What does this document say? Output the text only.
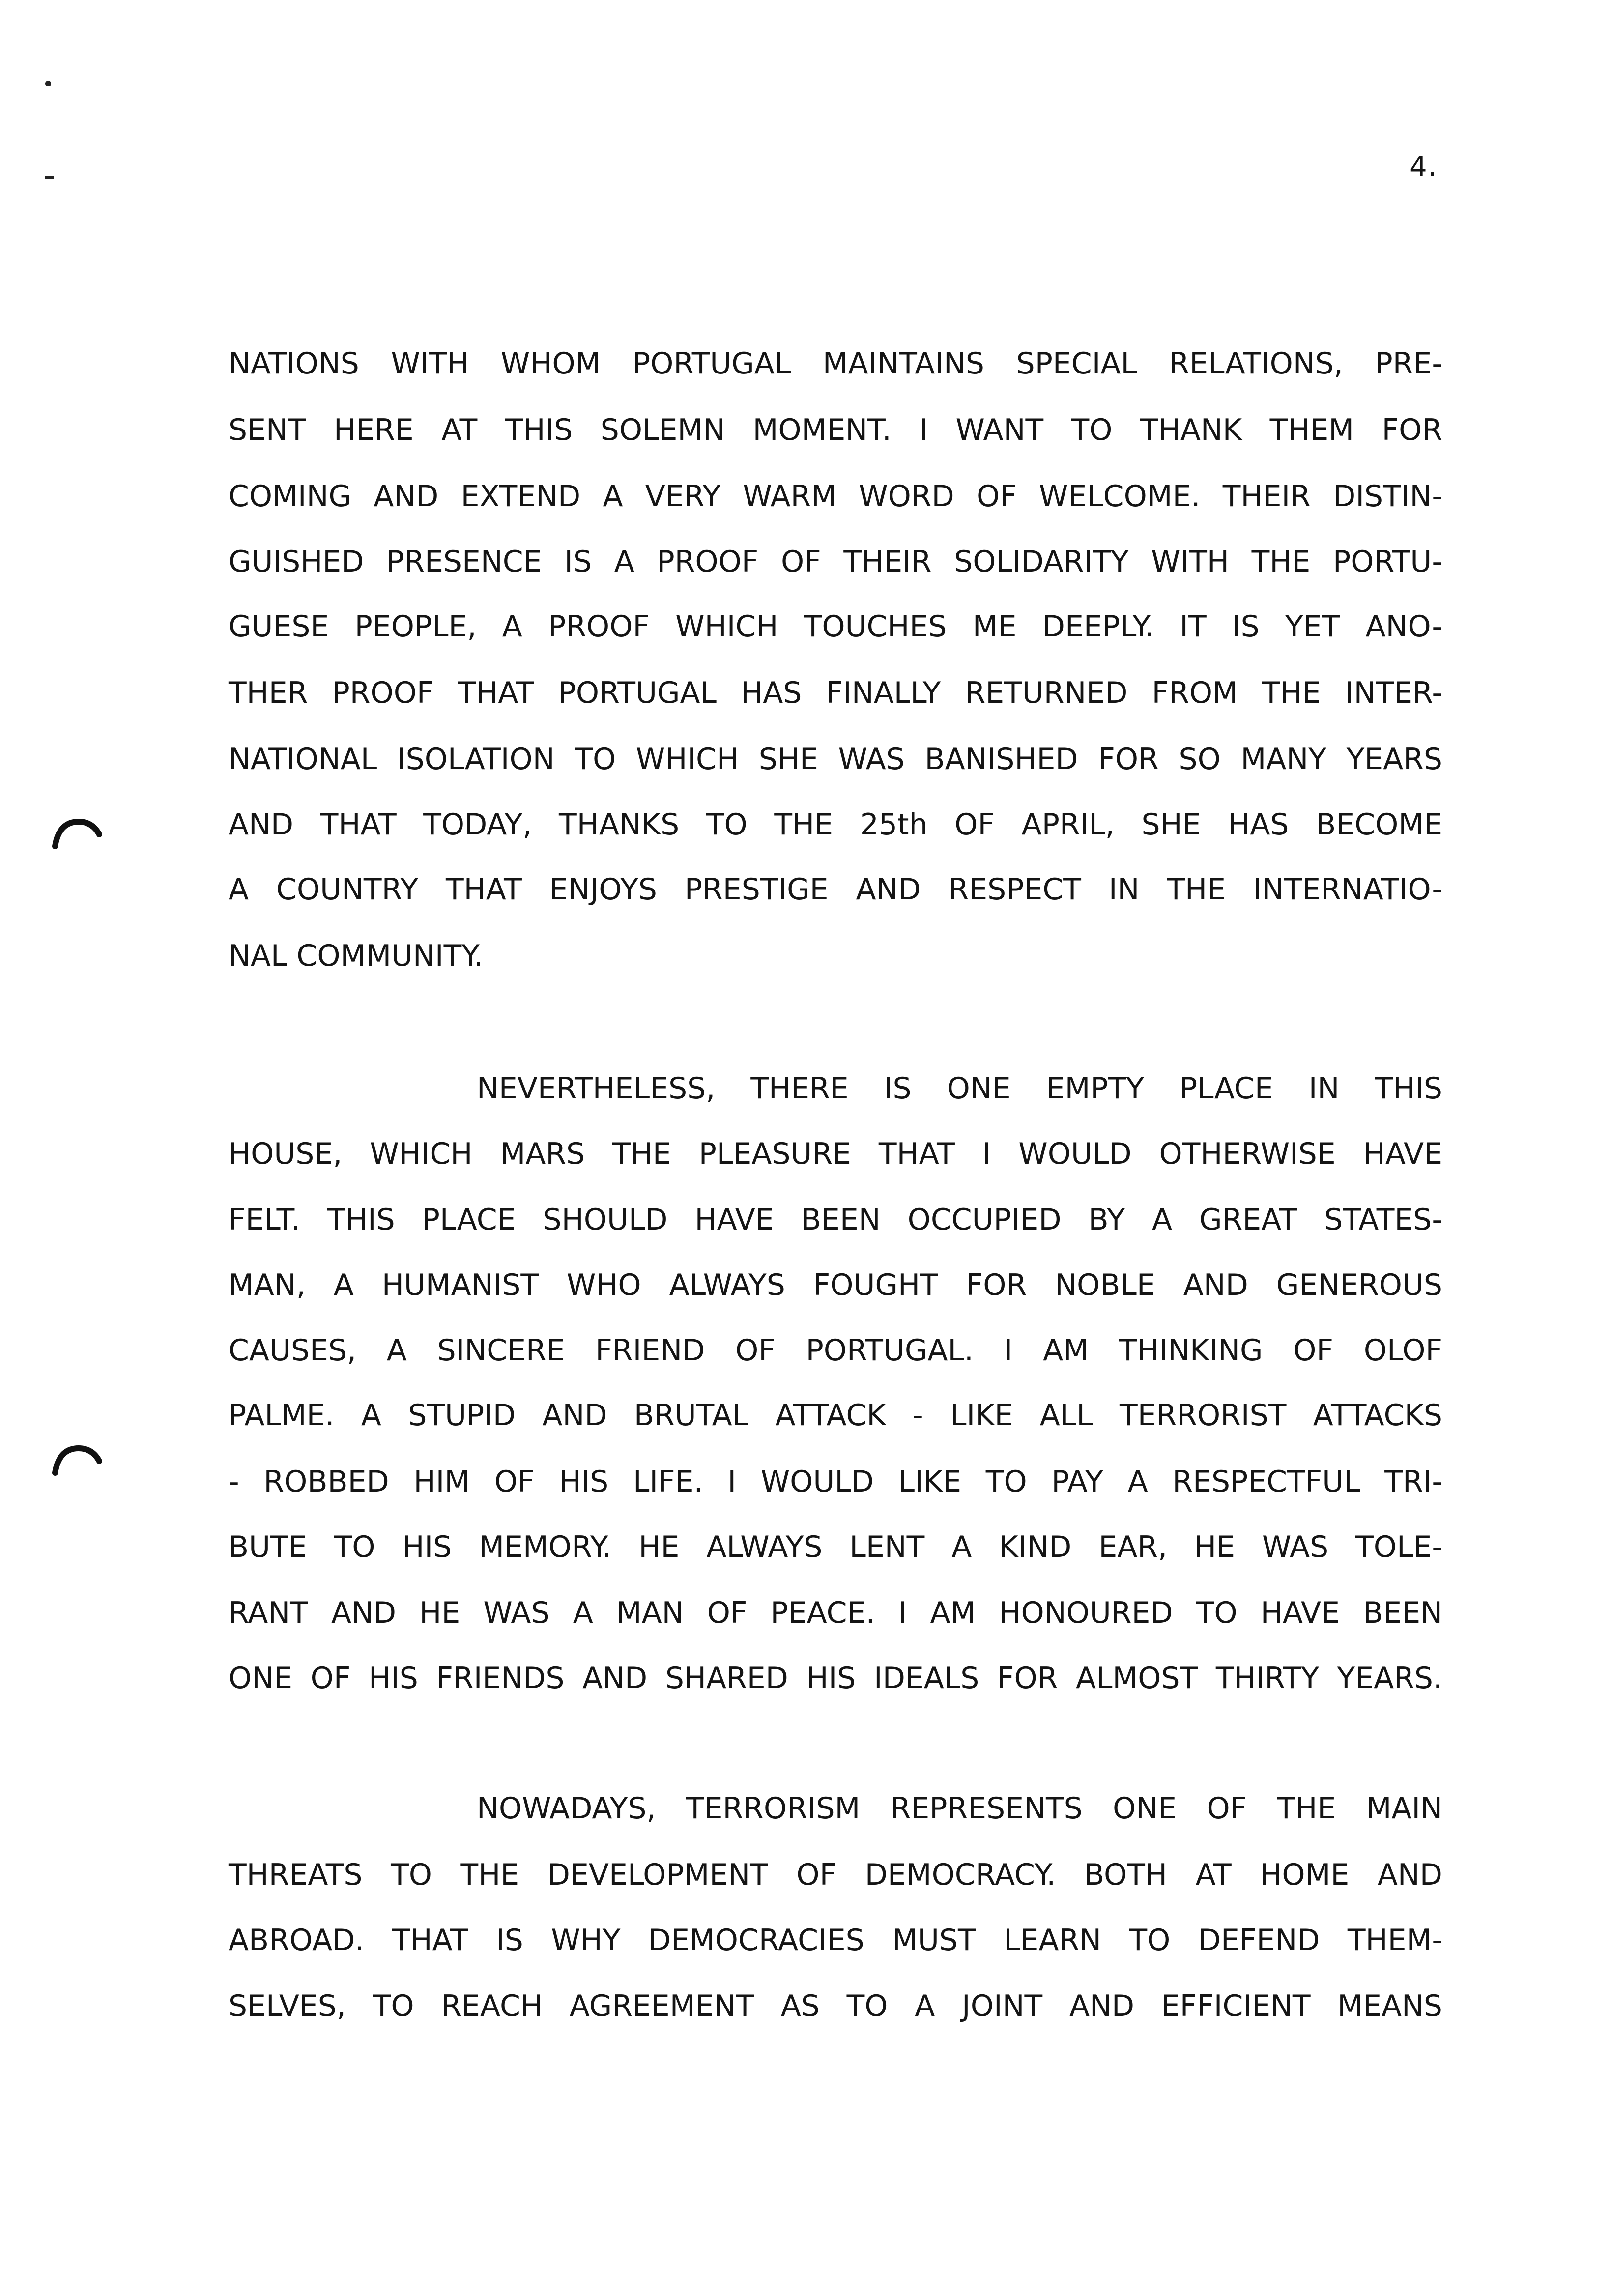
4.
NATIONS WITH WHOM PORTUGAL MAINTAINS SPECIAL RELATIONS, PRE-
SENT HERE AT THIS SOLEMN MOMENT. I WANT TO THANK THEM FOR
COMING AND EXTEND A VERY WARM WORD OF WELCOME. THEIR DISTIN-
GUISHED PRESENCE IS A PROOF OF THEIR SOLIDARITY WITH THE PORTU-
GUESE PEOPLE, A PROOF WHICH TOUCHES ME DEEPLY. IT IS YET ANO-
THER PROOF THAT PORTUGAL HAS FINALLY RETURNED FROM THE INTER-
NATIONAL ISOLATION TO WHICH SHE WAS BANISHED FOR SO MANY YEARS
AND THAT TODAY, THANKS TO THE 25th OF APRIL, SHE HAS BECOME
A COUNTRY THAT ENJOYS PRESTIGE AND RESPECT IN THE INTERNATIO-
NAL COMMUNITY.
NEVERTHELESS, THERE IS ONE EMPTY PLACE IN THIS
HOUSE, WHICH MARS THE PLEASURE THAT I WOULD OTHERWISE HAVE
FELT. THIS PLACE SHOULD HAVE BEEN OCCUPIED BY A GREAT STATES-
MAN, A HUMANIST WHO ALWAYS FOUGHT FOR NOBLE AND GENEROUS
CAUSES, A SINCERE FRIEND OF PORTUGAL. I AM THINKING OF OLOF
PALME. A STUPID AND BRUTAL ATTACK - LIKE ALL TERRORIST ATTACKS
- ROBBED HIM OF HIS LIFE. I WOULD LIKE TO PAY A RESPECTFUL TRI-
BUTE TO HIS MEMORY. HE ALWAYS LENT A KIND EAR, HE WAS TOLE-
RANT AND HE WAS A MAN OF PEACE. I AM HONOURED TO HAVE BEEN
ONE OF HIS FRIENDS AND SHARED HIS IDEALS FOR ALMOST THIRTY YEARS.
NOWADAYS, TERRORISM REPRESENTS ONE OF THE MAIN
THREATS TO THE DEVELOPMENT OF DEMOCRACY. BOTH AT HOME AND
ABROAD. THAT IS WHY DEMOCRACIES MUST LEARN TO DEFEND THEM-
SELVES, TO REACH AGREEMENT AS TO A JOINT AND EFFICIENT MEANS
